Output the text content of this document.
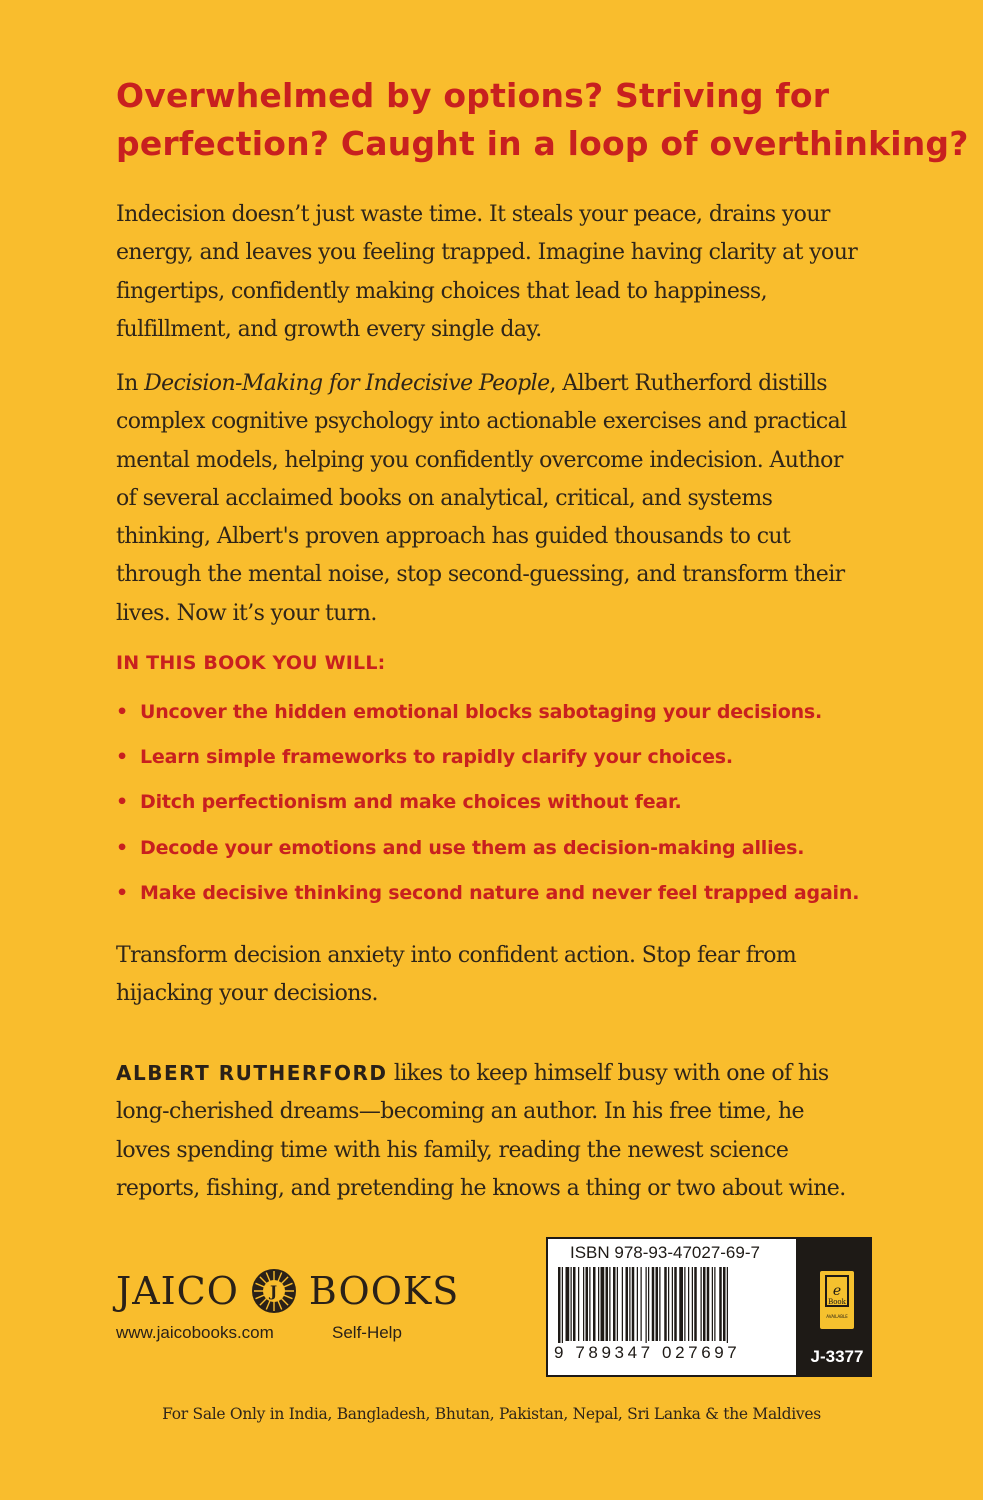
Overwhelmed by options? Striving for
perfection? Caught in a loop of overthinking?
Indecision doesn’t just waste time. It steals your peace, drains your
energy, and leaves you feeling trapped. Imagine having clarity at your
fingertips, confidently making choices that lead to happiness,
fulfillment, and growth every single day.
In Decision-Making for Indecisive People, Albert Rutherford distills
complex cognitive psychology into actionable exercises and practical
mental models, helping you confidently overcome indecision. Author
of several acclaimed books on analytical, critical, and systems
thinking, Albert's proven approach has guided thousands to cut
through the mental noise, stop second-guessing, and transform their
lives. Now it’s your turn.
IN THIS BOOK YOU WILL:
• Uncover the hidden emotional blocks sabotaging your decisions.
• Learn simple frameworks to rapidly clarify your choices.
• Ditch perfectionism and make choices without fear.
• Decode your emotions and use them as decision-making allies.
• Make decisive thinking second nature and never feel trapped again.
Transform decision anxiety into confident action. Stop fear from
hijacking your decisions.
ALBERT RUTHERFORD likes to keep himself busy with one of his
long-cherished dreams—becoming an author. In his free time, he
loves spending time with his family, reading the newest science
reports, fishing, and pretending he knows a thing or two about wine.
JAICO J BOOKS
www.jaicobooks.com	Self-Help
ISBN 978-93-47027-69-7
9 789347 027697
e
Book
AVAILABLE
J-3377
For Sale Only in India, Bangladesh, Bhutan, Pakistan, Nepal, Sri Lanka & the Maldives
